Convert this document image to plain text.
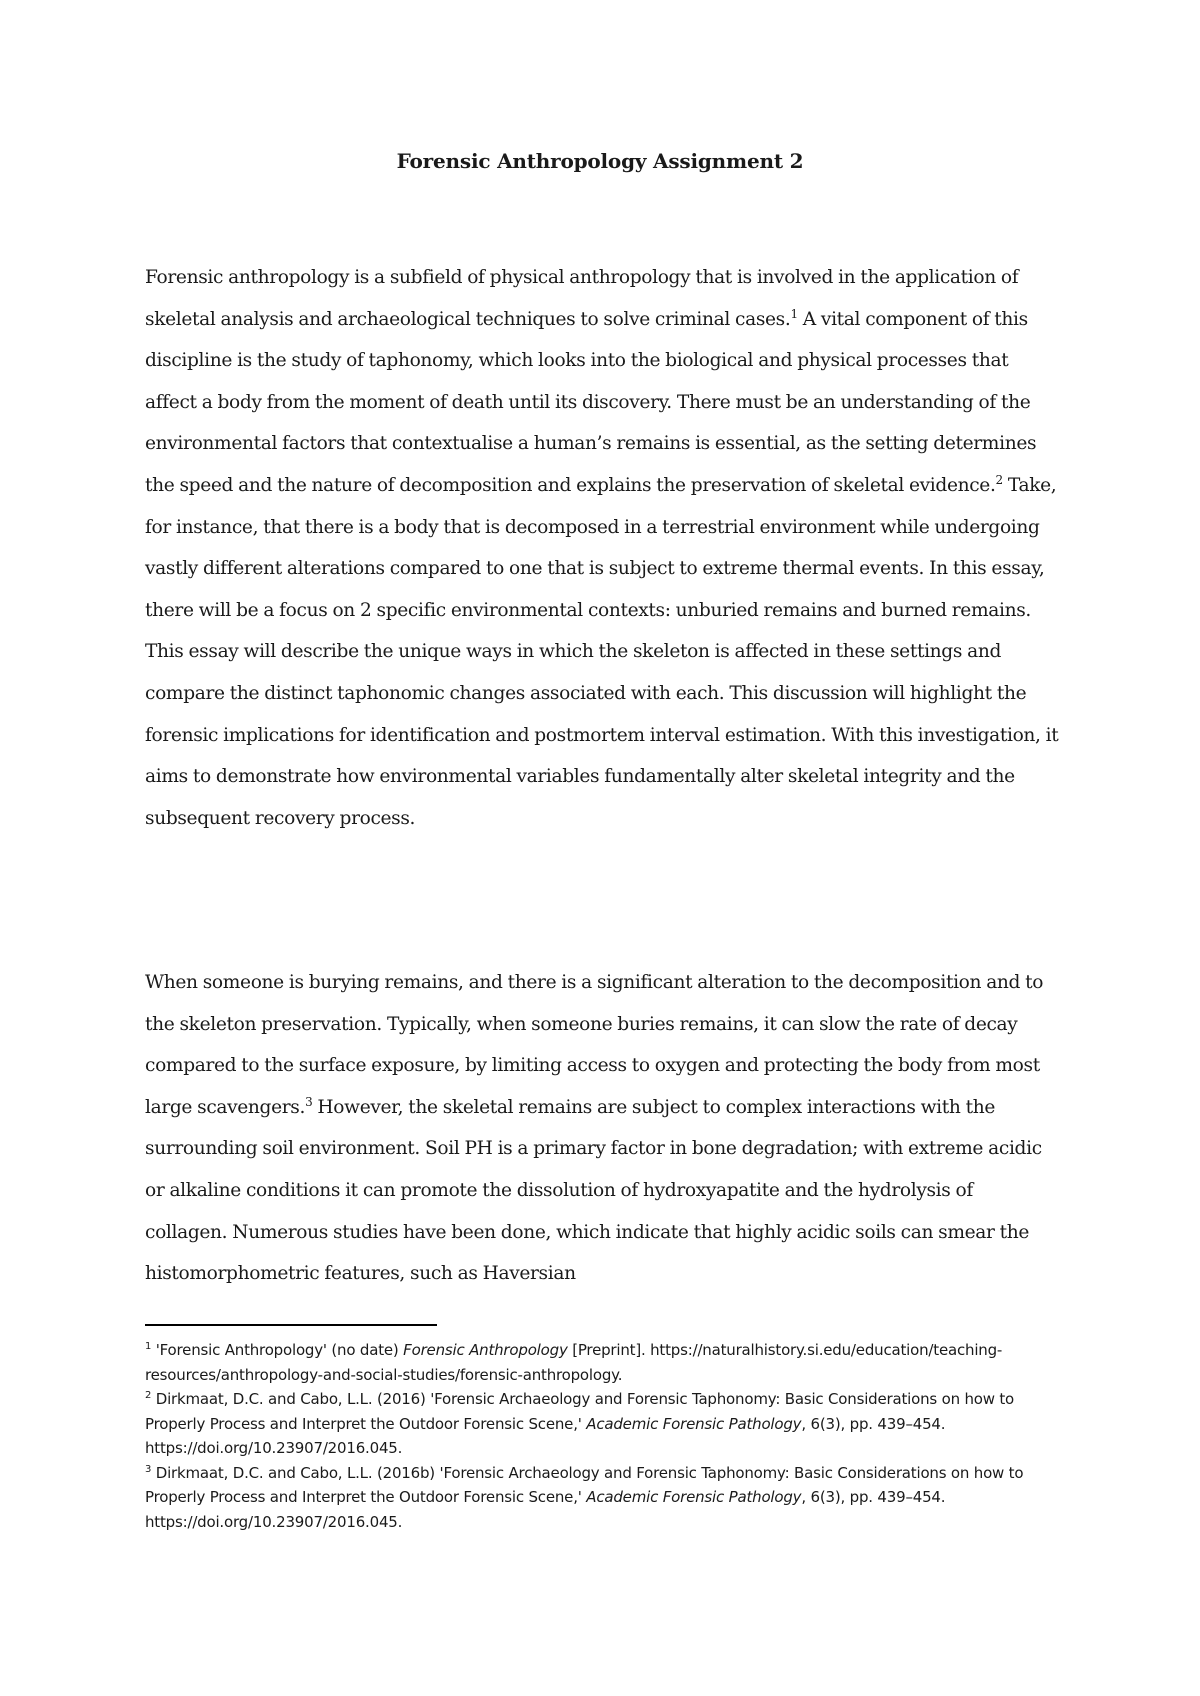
Forensic Anthropology Assignment 2

Forensic anthropology is a subfield of physical anthropology that is involved in the application of skeletal analysis and archaeological techniques to solve criminal cases.$^1$ A vital component of this discipline is the study of taphonomy, which looks into the biological and physical processes that affect a body from the moment of death until its discovery. There must be an understanding of the environmental factors that contextualise a human’s remains is essential, as the setting determines the speed and the nature of decomposition and explains the preservation of skeletal evidence.$^2$ Take, for instance, that there is a body that is decomposed in a terrestrial environment while undergoing vastly different alterations compared to one that is subject to extreme thermal events. In this essay, there will be a focus on 2 specific environmental contexts: unburied remains and burned remains. This essay will describe the unique ways in which the skeleton is affected in these settings and compare the distinct taphonomic changes associated with each. This discussion will highlight the forensic implications for identification and postmortem interval estimation. With this investigation, it aims to demonstrate how environmental variables fundamentally alter skeletal integrity and the subsequent recovery process.

When someone is burying remains, and there is a significant alteration to the decomposition and to the skeleton preservation. Typically, when someone buries remains, it can slow the rate of decay compared to the surface exposure, by limiting access to oxygen and protecting the body from most large scavengers.$^3$ However, the skeletal remains are subject to complex interactions with the surrounding soil environment. Soil PH is a primary factor in bone degradation; with extreme acidic or alkaline conditions it can promote the dissolution of hydroxyapatite and the hydrolysis of collagen. Numerous studies have been done, which indicate that highly acidic soils can smear the histomorphometric features, such as Haversian

$^1$ 'Forensic Anthropology' (no date) Forensic Anthropology [Preprint]. https://naturalhistory.si.edu/education/teaching-resources/anthropology-and-social-studies/forensic-anthropology.

$^2$ Dirkmaat, D.C. and Cabo, L.L. (2016) 'Forensic Archaeology and Forensic Taphonomy: Basic Considerations on how to Properly Process and Interpret the Outdoor Forensic Scene,' Academic Forensic Pathology, 6(3), pp. 439–454. https://doi.org/10.23907/2016.045.

$^3$ Dirkmaat, D.C. and Cabo, L.L. (2016b) 'Forensic Archaeology and Forensic Taphonomy: Basic Considerations on how to Properly Process and Interpret the Outdoor Forensic Scene,' Academic Forensic Pathology, 6(3), pp. 439–454. https://doi.org/10.23907/2016.045.
